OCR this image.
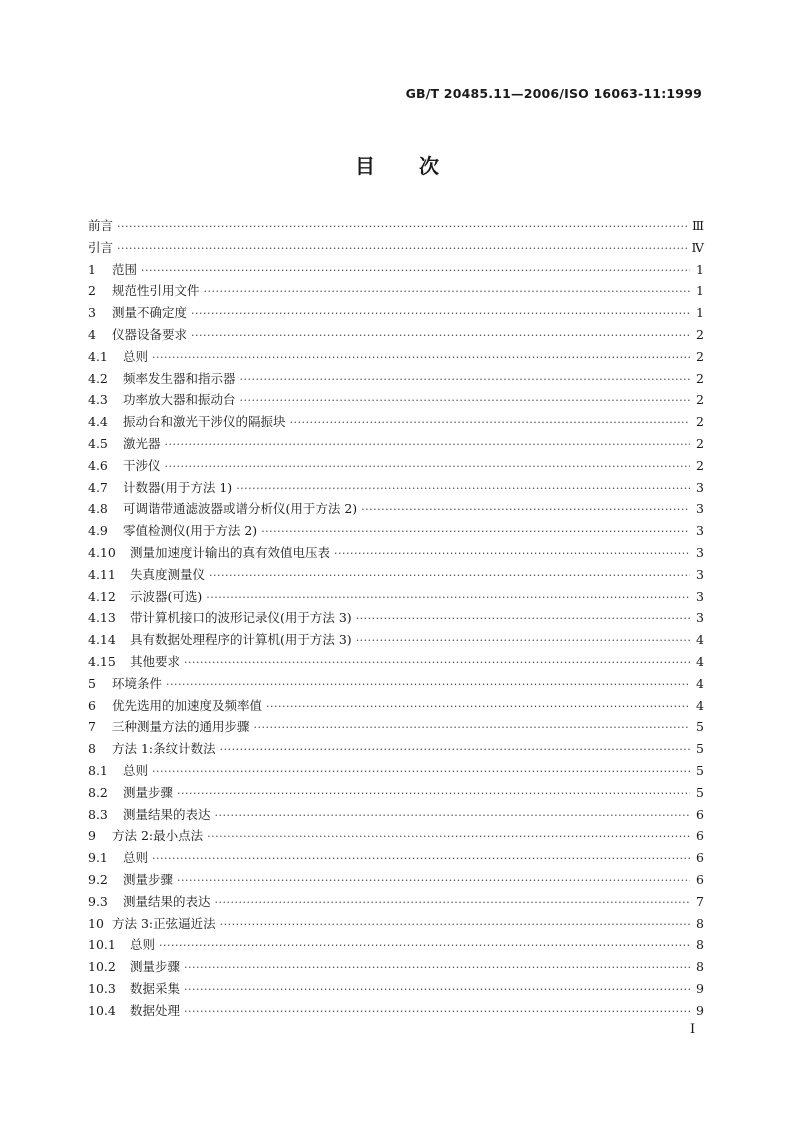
GB/T 20485.11—2006/ISO 16063-11:1999
目 次
前言 ·····	Ⅲ
引言 ·····	Ⅳ
1	范围 ·····	1
2	规范性引用文件 ·····	1
3	测量不确定度 ·····	1
4	仪器设备要求 ·····	2
4.1	总则 ·····	2
4.2	频率发生器和指示器 ·····	2
4.3	功率放大器和振动台 ·····	2
4.4	振动台和激光干涉仪的隔振块 ·····	2
4.5	激光器 ·····	2
4.6	干涉仪 ·····	2
4.7	计数器(用于方法 1) ·····	3
4.8	可调谐带通滤波器或谱分析仪(用于方法 2) ·····	3
4.9	零值检测仪(用于方法 2) ·····	3
4.10	测量加速度计输出的真有效值电压表 ·····	3
4.11	失真度测量仪 ·····	3
4.12	示波器(可选) ·····	3
4.13	带计算机接口的波形记录仪(用于方法 3) ·····	3
4.14	具有数据处理程序的计算机(用于方法 3) ·····	4
4.15	其他要求 ·····	4
5	环境条件 ·····	4
6	优先选用的加速度及频率值 ·····	4
7	三种测量方法的通用步骤 ·····	5
8	方法 1:条纹计数法 ·····	5
8.1	总则 ·····	5
8.2	测量步骤 ·····	5
8.3	测量结果的表达 ·····	6
9	方法 2:最小点法 ·····	6
9.1	总则 ·····	6
9.2	测量步骤 ·····	6
9.3	测量结果的表达 ·····	7
10 方法 3:正弦逼近法 ·····	8
10.1	总则 ·····	8
10.2	测量步骤 ·····	8
10.3	数据采集 ·····	9
10.4	数据处理 ·····	9
I
